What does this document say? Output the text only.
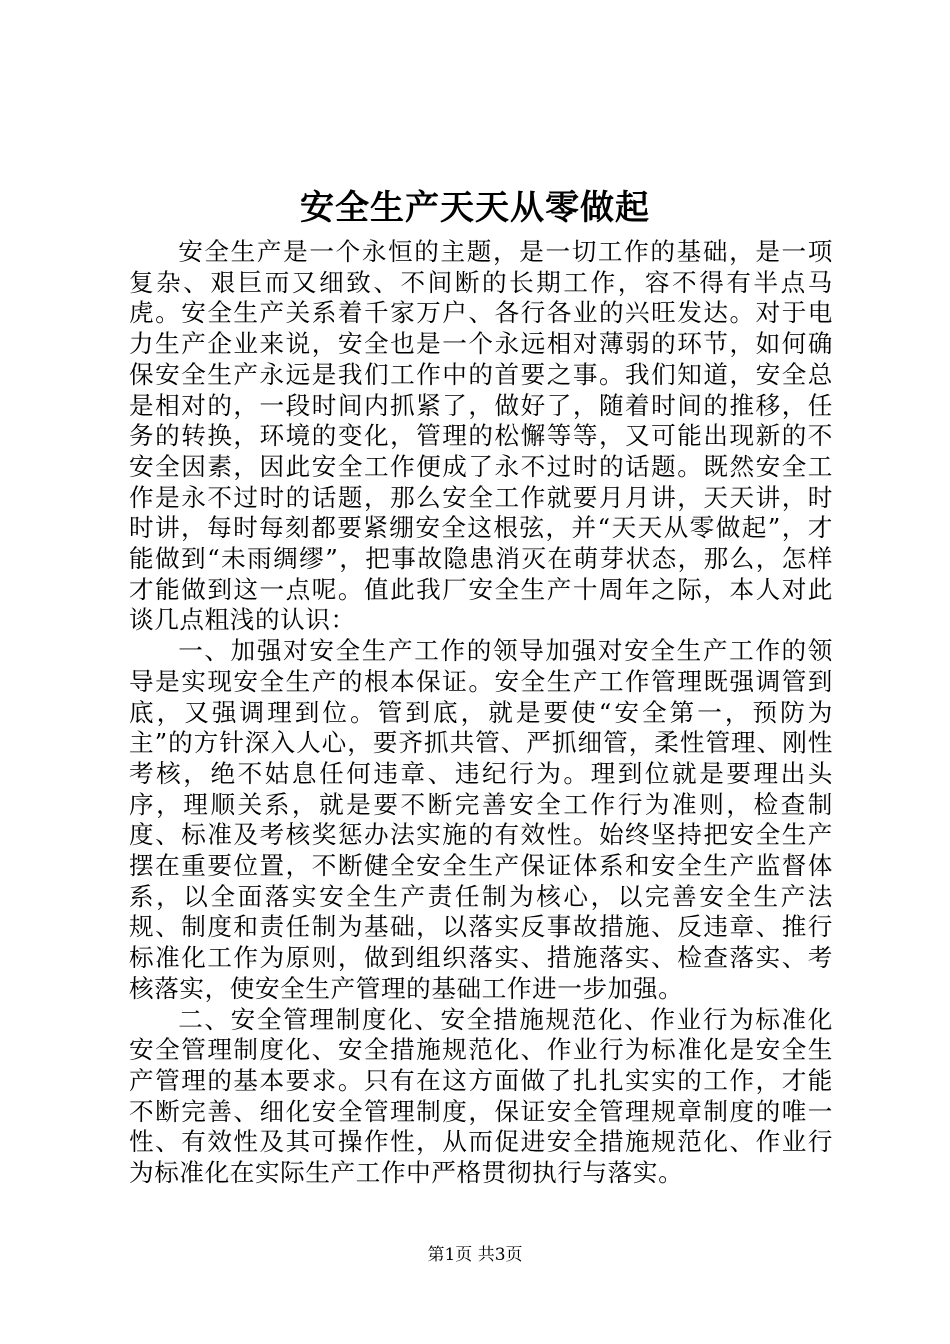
安全生产天天从零做起

安全生产是一个永恒的主题，是一切工作的基础，是一项复杂、艰巨而又细致、不间断的长期工作，容不得有半点马虎。安全生产关系着千家万户、各行各业的兴旺发达。对于电力生产企业来说，安全也是一个永远相对薄弱的环节，如何确保安全生产永远是我们工作中的首要之事。我们知道，安全总是相对的，一段时间内抓紧了，做好了，随着时间的推移，任务的转换，环境的变化，管理的松懈等等，又可能出现新的不安全因素，因此安全工作便成了永不过时的话题。既然安全工作是永不过时的话题，那么安全工作就要月月讲，天天讲，时时讲，每时每刻都要紧绷安全这根弦，并“天天从零做起”，才能做到“未雨绸缪”，把事故隐患消灭在萌芽状态，那么，怎样才能做到这一点呢。值此我厂安全生产十周年之际，本人对此谈几点粗浅的认识：

一、加强对安全生产工作的领导加强对安全生产工作的领导是实现安全生产的根本保证。安全生产工作管理既强调管到底，又强调理到位。管到底，就是要使“安全第一，预防为主”的方针深入人心，要齐抓共管、严抓细管，柔性管理、刚性考核，绝不姑息任何违章、违纪行为。理到位就是要理出头序，理顺关系，就是要不断完善安全工作行为准则，检查制度、标准及考核奖惩办法实施的有效性。始终坚持把安全生产摆在重要位置，不断健全安全生产保证体系和安全生产监督体系，以全面落实安全生产责任制为核心，以完善安全生产法规、制度和责任制为基础，以落实反事故措施、反违章、推行标准化工作为原则，做到组织落实、措施落实、检查落实、考核落实，使安全生产管理的基础工作进一步加强。

二、安全管理制度化、安全措施规范化、作业行为标准化安全管理制度化、安全措施规范化、作业行为标准化是安全生产管理的基本要求。只有在这方面做了扎扎实实的工作，才能不断完善、细化安全管理制度，保证安全管理规章制度的唯一性、有效性及其可操作性，从而促进安全措施规范化、作业行为标准化在实际生产工作中严格贯彻执行与落实。

第1页 共3页
